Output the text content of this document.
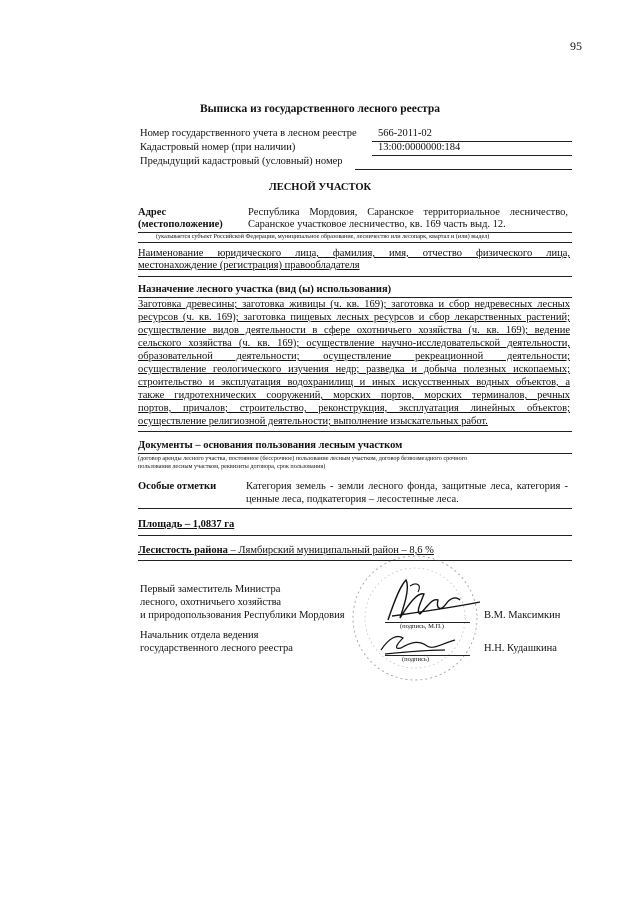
95
Выписка из государственного лесного реестра
Номер государственного учета в лесном реестре 566-2011-02
Кадастровый номер (при наличии)	13:00:0000000:184
Предыдущий кадастровый (условный) номер
ЛЕСНОЙ УЧАСТОК
Адрес
(местоположение)
Республика Мордовия, Саранское территориальное лесничество,
Саранское участковое лесничество, кв. 169 часть выд. 12.
(указывается субъект Российской Федерации, муниципальное образование, лесничество или лесопарк, квартал и (или) выдел)
Наименование юридического лица, фамилия, имя, отчество физического лица,
местонахождение (регистрация) правообладателя
Назначение лесного участка (вид (ы) использования)
Заготовка древесины; заготовка живицы (ч. кв. 169); заготовка и сбор недревесных лесных
ресурсов (ч. кв. 169); заготовка пищевых лесных ресурсов и сбор лекарственных растений;
осуществление видов деятельности в сфере охотничьего хозяйства (ч. кв. 169); ведение
сельского хозяйства (ч. кв. 169); осуществление научно-исследовательской деятельности,
образовательной деятельности; осуществление рекреационной деятельности;
осуществление геологического изучения недр; разведка и добыча полезных ископаемых;
строительство и эксплуатация водохранилищ и иных искусственных водных объектов, а
также гидротехнических сооружений, морских портов, морских терминалов, речных
портов, причалов; строительство, реконструкция, эксплуатация линейных объектов;
осуществление религиозной деятельности; выполнение изыскательных работ.
Документы – основания пользования лесным участком
(договор аренды лесного участка, постоянное (бессрочное) пользование лесным участком, договор безвозмездного срочного
пользования лесным участком, реквизиты договора, срок пользования)
Особые отметки	Категория земель - земли лесного фонда, защитные леса, категория -
ценные леса, подкатегория – лесостепные леса.
Площадь – 1,0837 га
Лесистость района – Лямбирский муниципальный район – 8,6 %
Первый заместитель Министра
лесного, охотничьего хозяйства
и природопользования Республики Мордовия
(подпись, М.П.)
В.М. Максимкин
Начальник отдела ведения
государственного лесного реестра
(подпись)
Н.Н. Кудашкина
